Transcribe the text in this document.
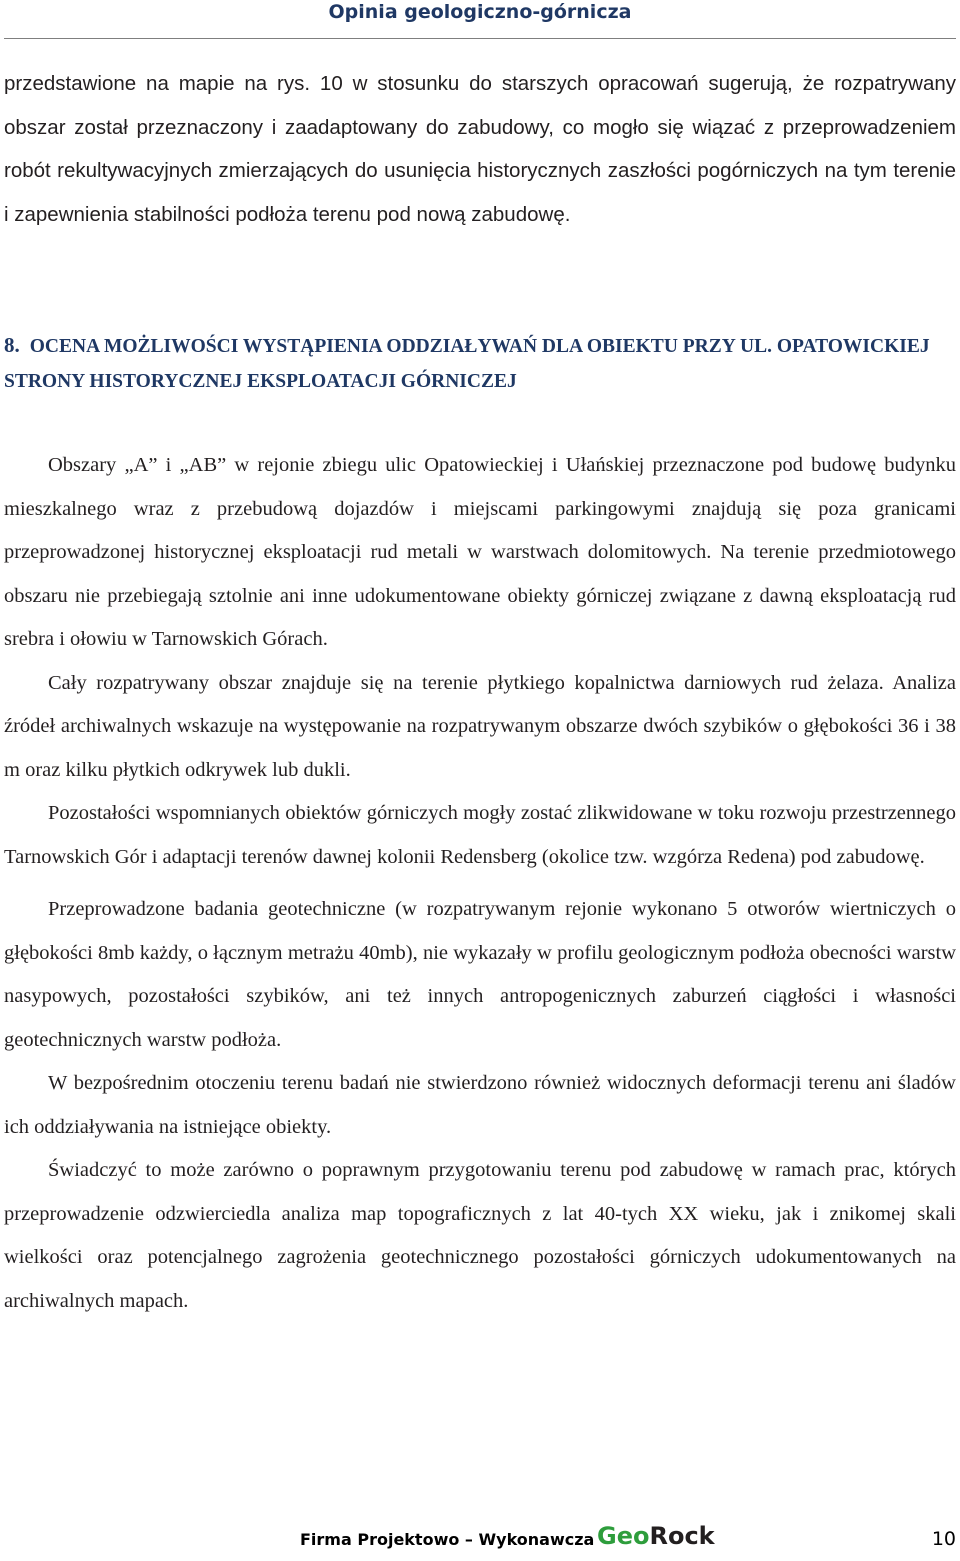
Opinia geologiczno-górnicza

przedstawione na mapie na rys. 10 w stosunku do starszych opracowań sugerują, że rozpatrywany obszar został przeznaczony i zaadaptowany do zabudowy, co mogło się wiązać z przeprowadzeniem robót rekultywacyjnych zmierzających do usunięcia historycznych zaszłości pogórniczych na tym terenie i zapewnienia stabilności podłoża terenu pod nową zabudowę.

8. OCENA MOŻLIWOŚCI WYSTĄPIENIA ODDZIAŁYWAŃ DLA OBIEKTU PRZY UL. OPATOWICKIEJ STRONY HISTORYCZNEJ EKSPLOATACJI GÓRNICZEJ

Obszary „A” i „AB” w rejonie zbiegu ulic Opatowieckiej i Ułańskiej przeznaczone pod budowę budynku mieszkalnego wraz z przebudową dojazdów i miejscami parkingowymi znajdują się poza granicami przeprowadzonej historycznej eksploatacji rud metali w warstwach dolomitowych. Na terenie przedmiotowego obszaru nie przebiegają sztolnie ani inne udokumentowane obiekty górniczej związane z dawną eksploatacją rud srebra i ołowiu w Tarnowskich Górach.

Cały rozpatrywany obszar znajduje się na terenie płytkiego kopalnictwa darniowych rud żelaza. Analiza źródeł archiwalnych wskazuje na występowanie na rozpatrywanym obszarze dwóch szybików o głębokości 36 i 38 m oraz kilku płytkich odkrywek lub dukli.

Pozostałości wspomnianych obiektów górniczych mogły zostać zlikwidowane w toku rozwoju przestrzennego Tarnowskich Gór i adaptacji terenów dawnej kolonii Redensberg (okolice tzw. wzgórza Redena) pod zabudowę.

Przeprowadzone badania geotechniczne (w rozpatrywanym rejonie wykonano 5 otworów wiertniczych o głębokości 8mb każdy, o łącznym metrażu 40mb), nie wykazały w profilu geologicznym podłoża obecności warstw nasypowych, pozostałości szybików, ani też innych antropogenicznych zaburzeń ciągłości i własności geotechnicznych warstw podłoża.

W bezpośrednim otoczeniu terenu badań nie stwierdzono również widocznych deformacji terenu ani śladów ich oddziaływania na istniejące obiekty.

Świadczyć to może zarówno o poprawnym przygotowaniu terenu pod zabudowę w ramach prac, których przeprowadzenie odzwierciedla analiza map topograficznych z lat 40-tych XX wieku, jak i znikomej skali wielkości oraz potencjalnego zagrożenia geotechnicznego pozostałości górniczych udokumentowanych na archiwalnych mapach.

Firma Projektowo – Wykonawcza GeoRock	10
